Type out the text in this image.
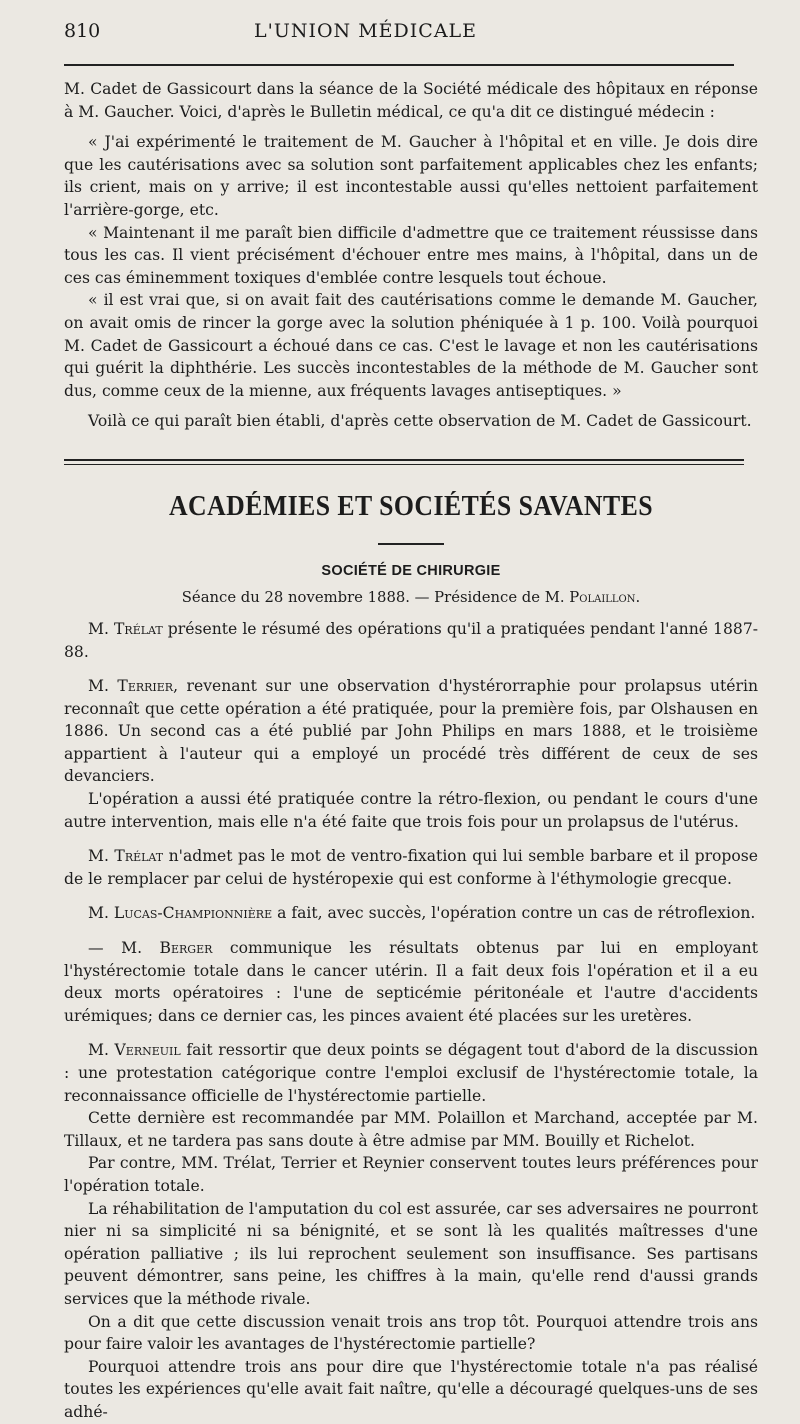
810	L'UNION MÉDICALE

M. Cadet de Gassicourt dans la séance de la Société médicale des hôpitaux en réponse à M. Gaucher. Voici, d'après le Bulletin médical, ce qu'a dit ce distingué médecin :

« J'ai expérimenté le traitement de M. Gaucher à l'hôpital et en ville. Je dois dire que les cautérisations avec sa solution sont parfaitement applicables chez les enfants; ils crient, mais on y arrive; il est incontestable aussi qu'elles nettoient parfaitement l'arrière-gorge, etc.

« Maintenant il me paraît bien difficile d'admettre que ce traitement réussisse dans tous les cas. Il vient précisément d'échouer entre mes mains, à l'hôpital, dans un de ces cas éminemment toxiques d'emblée contre lesquels tout échoue.

« il est vrai que, si on avait fait des cautérisations comme le demande M. Gaucher, on avait omis de rincer la gorge avec la solution phéniquée à 1 p. 100. Voilà pourquoi M. Cadet de Gassicourt a échoué dans ce cas. C'est le lavage et non les cautérisations qui guérit la diphthérie. Les succès incontestables de la méthode de M. Gaucher sont dus, comme ceux de la mienne, aux fréquents lavages antiseptiques. »

Voilà ce qui paraît bien établi, d'après cette observation de M. Cadet de Gassicourt.

ACADÉMIES ET SOCIÉTÉS SAVANTES
SOCIÉTÉ DE CHIRURGIE
Séance du 28 novembre 1888. — Présidence de M. Polaillon.

M. Trélat présente le résumé des opérations qu'il a pratiquées pendant l'anné 1887-88.

M. Terrier, revenant sur une observation d'hystérorraphie pour prolapsus utérin reconnaît que cette opération a été pratiquée, pour la première fois, par Olshausen en 1886. Un second cas a été publié par John Philips en mars 1888, et le troisième appartient à l'auteur qui a employé un procédé très différent de ceux de ses devanciers.

L'opération a aussi été pratiquée contre la rétro-flexion, ou pendant le cours d'une autre intervention, mais elle n'a été faite que trois fois pour un prolapsus de l'utérus.

M. Trélat n'admet pas le mot de ventro-fixation qui lui semble barbare et il propose de le remplacer par celui de hystéropexie qui est conforme à l'éthymologie grecque.

M. Lucas-Championnière a fait, avec succès, l'opération contre un cas de rétroflexion.

— M. Berger communique les résultats obtenus par lui en employant l'hystérectomie totale dans le cancer utérin. Il a fait deux fois l'opération et il a eu deux morts opératoires : l'une de septicémie péritonéale et l'autre d'accidents urémiques; dans ce dernier cas, les pinces avaient été placées sur les uretères.

M. Verneuil fait ressortir que deux points se dégagent tout d'abord de la discussion : une protestation catégorique contre l'emploi exclusif de l'hystérectomie totale, la reconnaissance officielle de l'hystérectomie partielle.

Cette dernière est recommandée par MM. Polaillon et Marchand, acceptée par M. Tillaux, et ne tardera pas sans doute à être admise par MM. Bouilly et Richelot.

Par contre, MM. Trélat, Terrier et Reynier conservent toutes leurs préférences pour l'opération totale.

La réhabilitation de l'amputation du col est assurée, car ses adversaires ne pourront nier ni sa simplicité ni sa bénignité, et se sont là les qualités maîtresses d'une opération palliative ; ils lui reprochent seulement son insuffisance. Ses partisans peuvent démontrer, sans peine, les chiffres à la main, qu'elle rend d'aussi grands services que la méthode rivale.

On a dit que cette discussion venait trois ans trop tôt. Pourquoi attendre trois ans pour faire valoir les avantages de l'hystérectomie partielle?

Pourquoi attendre trois ans pour dire que l'hystérectomie totale n'a pas réalisé toutes les expériences qu'elle avait fait naître, qu'elle a découragé quelques-uns de ses adhé-
